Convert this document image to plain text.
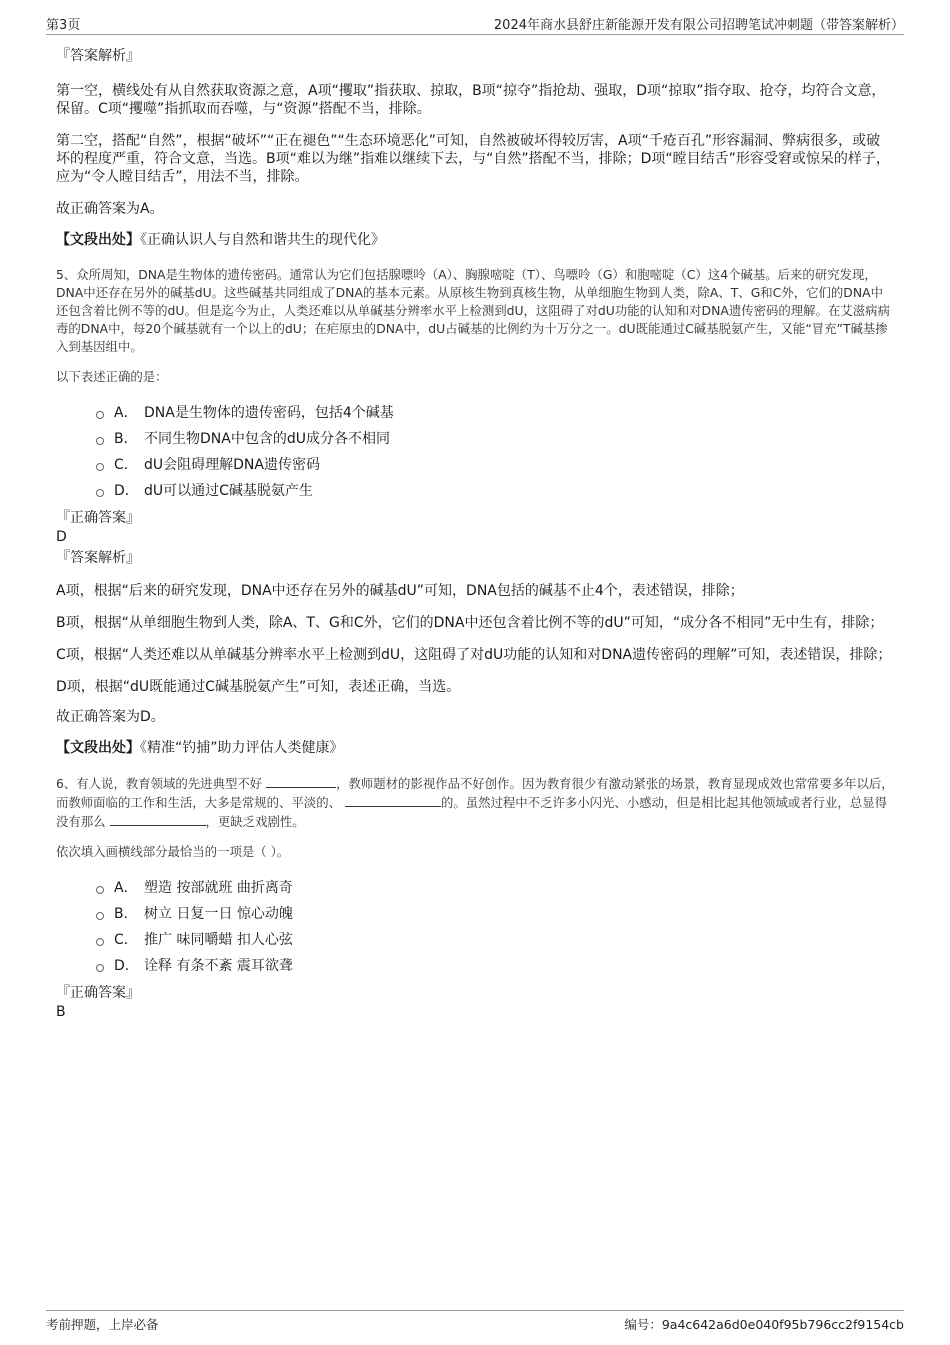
第3页	2024年商水县舒庄新能源开发有限公司招聘笔试冲刺题（带答案解析）

『答案解析』

第一空，横线处有从自然获取资源之意，A项“攫取”指获取、掠取，B项“掠夺”指抢劫、强取，D项“掠取”指夺取、抢夺，均符合文意，保留。C项“攫噬”指抓取而吞噬，与“资源”搭配不当，排除。

第二空，搭配“自然”，根据“破坏”“正在褪色”“生态环境恶化”可知，自然被破坏得较厉害，A项“千疮百孔”形容漏洞、弊病很多，或破坏的程度严重，符合文意，当选。B项“难以为继”指难以继续下去，与“自然”搭配不当，排除；D项“瞠目结舌”形容受窘或惊呆的样子，应为“令人瞠目结舌”，用法不当，排除。

故正确答案为A。

【文段出处】《正确认识人与自然和谐共生的现代化》

5、众所周知，DNA是生物体的遗传密码。通常认为它们包括腺嘌呤（A）、胸腺嘧啶（T）、鸟嘌呤（G）和胞嘧啶（C）这4个碱基。后来的研究发现，DNA中还存在另外的碱基dU。这些碱基共同组成了DNA的基本元素。从原核生物到真核生物，从单细胞生物到人类，除A、T、G和C外，它们的DNA中还包含着比例不等的dU。但是迄今为止，人类还难以从单碱基分辨率水平上检测到dU，这阻碍了对dU功能的认知和对DNA遗传密码的理解。在艾滋病病毒的DNA中，每20个碱基就有一个以上的dU；在疟原虫的DNA中，dU占碱基的比例约为十万分之一。dU既能通过C碱基脱氨产生，又能“冒充”T碱基掺入到基因组中。

以下表述正确的是：

A． DNA是生物体的遗传密码，包括4个碱基
B． 不同生物DNA中包含的dU成分各不相同
C． dU会阻碍理解DNA遗传密码
D． dU可以通过C碱基脱氨产生

『正确答案』

D

『答案解析』

A项，根据“后来的研究发现，DNA中还存在另外的碱基dU”可知，DNA包括的碱基不止4个，表述错误，排除；

B项，根据“从单细胞生物到人类，除A、T、G和C外，它们的DNA中还包含着比例不等的dU”可知，“成分各不相同”无中生有，排除；

C项，根据“人类还难以从单碱基分辨率水平上检测到dU，这阻碍了对dU功能的认知和对DNA遗传密码的理解”可知，表述错误，排除；

D项，根据“dU既能通过C碱基脱氨产生”可知，表述正确，当选。

故正确答案为D。

【文段出处】《精准“钓捕”助力评估人类健康》

6、有人说，教育领域的先进典型不好	，教师题材的影视作品不好创作。因为教育很少有激动紧张的场景，教育显现成效也常常要多年以后，而教师面临的工作和生活，大多是常规的、平淡的、	的。虽然过程中不乏许多小闪光、小感动，但是相比起其他领域或者行业，总显得没有那么	，更缺乏戏剧性。

依次填入画横线部分最恰当的一项是（ ）。

A． 塑造 按部就班 曲折离奇
B． 树立 日复一日 惊心动魄
C． 推广 味同嚼蜡 扣人心弦
D． 诠释 有条不紊 震耳欲聋

『正确答案』

B

考前押题，上岸必备	编号：9a4c642a6d0e040f95b796cc2f9154cb
